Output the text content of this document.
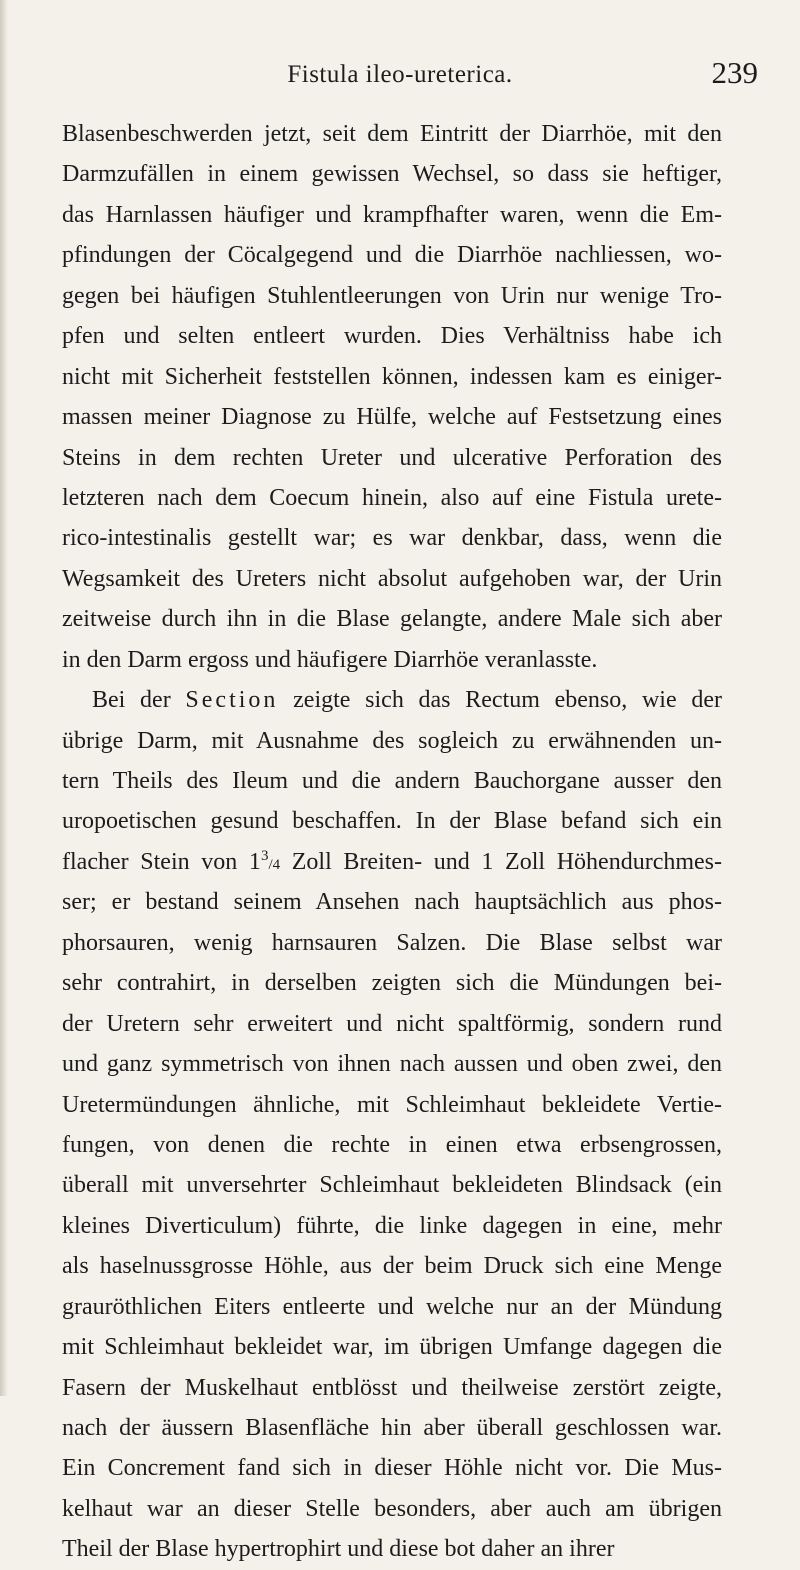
Fistula ileo-ureterica.	239
Blasenbeschwerden jetzt, seit dem Eintritt der Diarrhöe, mit den
Darmzufällen in einem gewissen Wechsel, so dass sie heftiger,
das Harnlassen häufiger und krampfhafter waren, wenn die Em-
pfindungen der Cöcalgegend und die Diarrhöe nachliessen, wo-
gegen bei häufigen Stuhlentleerungen von Urin nur wenige Tro-
pfen und selten entleert wurden. Dies Verhältniss habe ich
nicht mit Sicherheit feststellen können, indessen kam es einiger-
massen meiner Diagnose zu Hülfe, welche auf Festsetzung eines
Steins in dem rechten Ureter und ulcerative Perforation des
letzteren nach dem Coecum hinein, also auf eine Fistula urete-
rico-intestinalis gestellt war; es war denkbar, dass, wenn die
Wegsamkeit des Ureters nicht absolut aufgehoben war, der Urin
zeitweise durch ihn in die Blase gelangte, andere Male sich aber
in den Darm ergoss und häufigere Diarrhöe veranlasste.
Bei der Section zeigte sich das Rectum ebenso, wie der
übrige Darm, mit Ausnahme des sogleich zu erwähnenden un-
tern Theils des Ileum und die andern Bauchorgane ausser den
uropoetischen gesund beschaffen. In der Blase befand sich ein
flacher Stein von $1^3/4$ Zoll Breiten- und 1 Zoll Höhendurchmes-
ser; er bestand seinem Ansehen nach hauptsächlich aus phos-
phorsauren, wenig harnsauren Salzen. Die Blase selbst war
sehr contrahirt, in derselben zeigten sich die Mündungen bei-
der Uretern sehr erweitert und nicht spaltförmig, sondern rund
und ganz symmetrisch von ihnen nach aussen und oben zwei, den
Uretermündungen ähnliche, mit Schleimhaut bekleidete Vertie-
fungen, von denen die rechte in einen etwa erbsengrossen,
überall mit unversehrter Schleimhaut bekleideten Blindsack (ein
kleines Diverticulum) führte, die linke dagegen in eine, mehr
als haselnussgrosse Höhle, aus der beim Druck sich eine Menge
grauröthlichen Eiters entleerte und welche nur an der Mündung
mit Schleimhaut bekleidet war, im übrigen Umfange dagegen die
Fasern der Muskelhaut entblösst und theilweise zerstört zeigte,
nach der äussern Blasenfläche hin aber überall geschlossen war.
Ein Concrement fand sich in dieser Höhle nicht vor. Die Mus-
kelhaut war an dieser Stelle besonders, aber auch am übrigen
Theil der Blase hypertrophirt und diese bot daher an ihrer
